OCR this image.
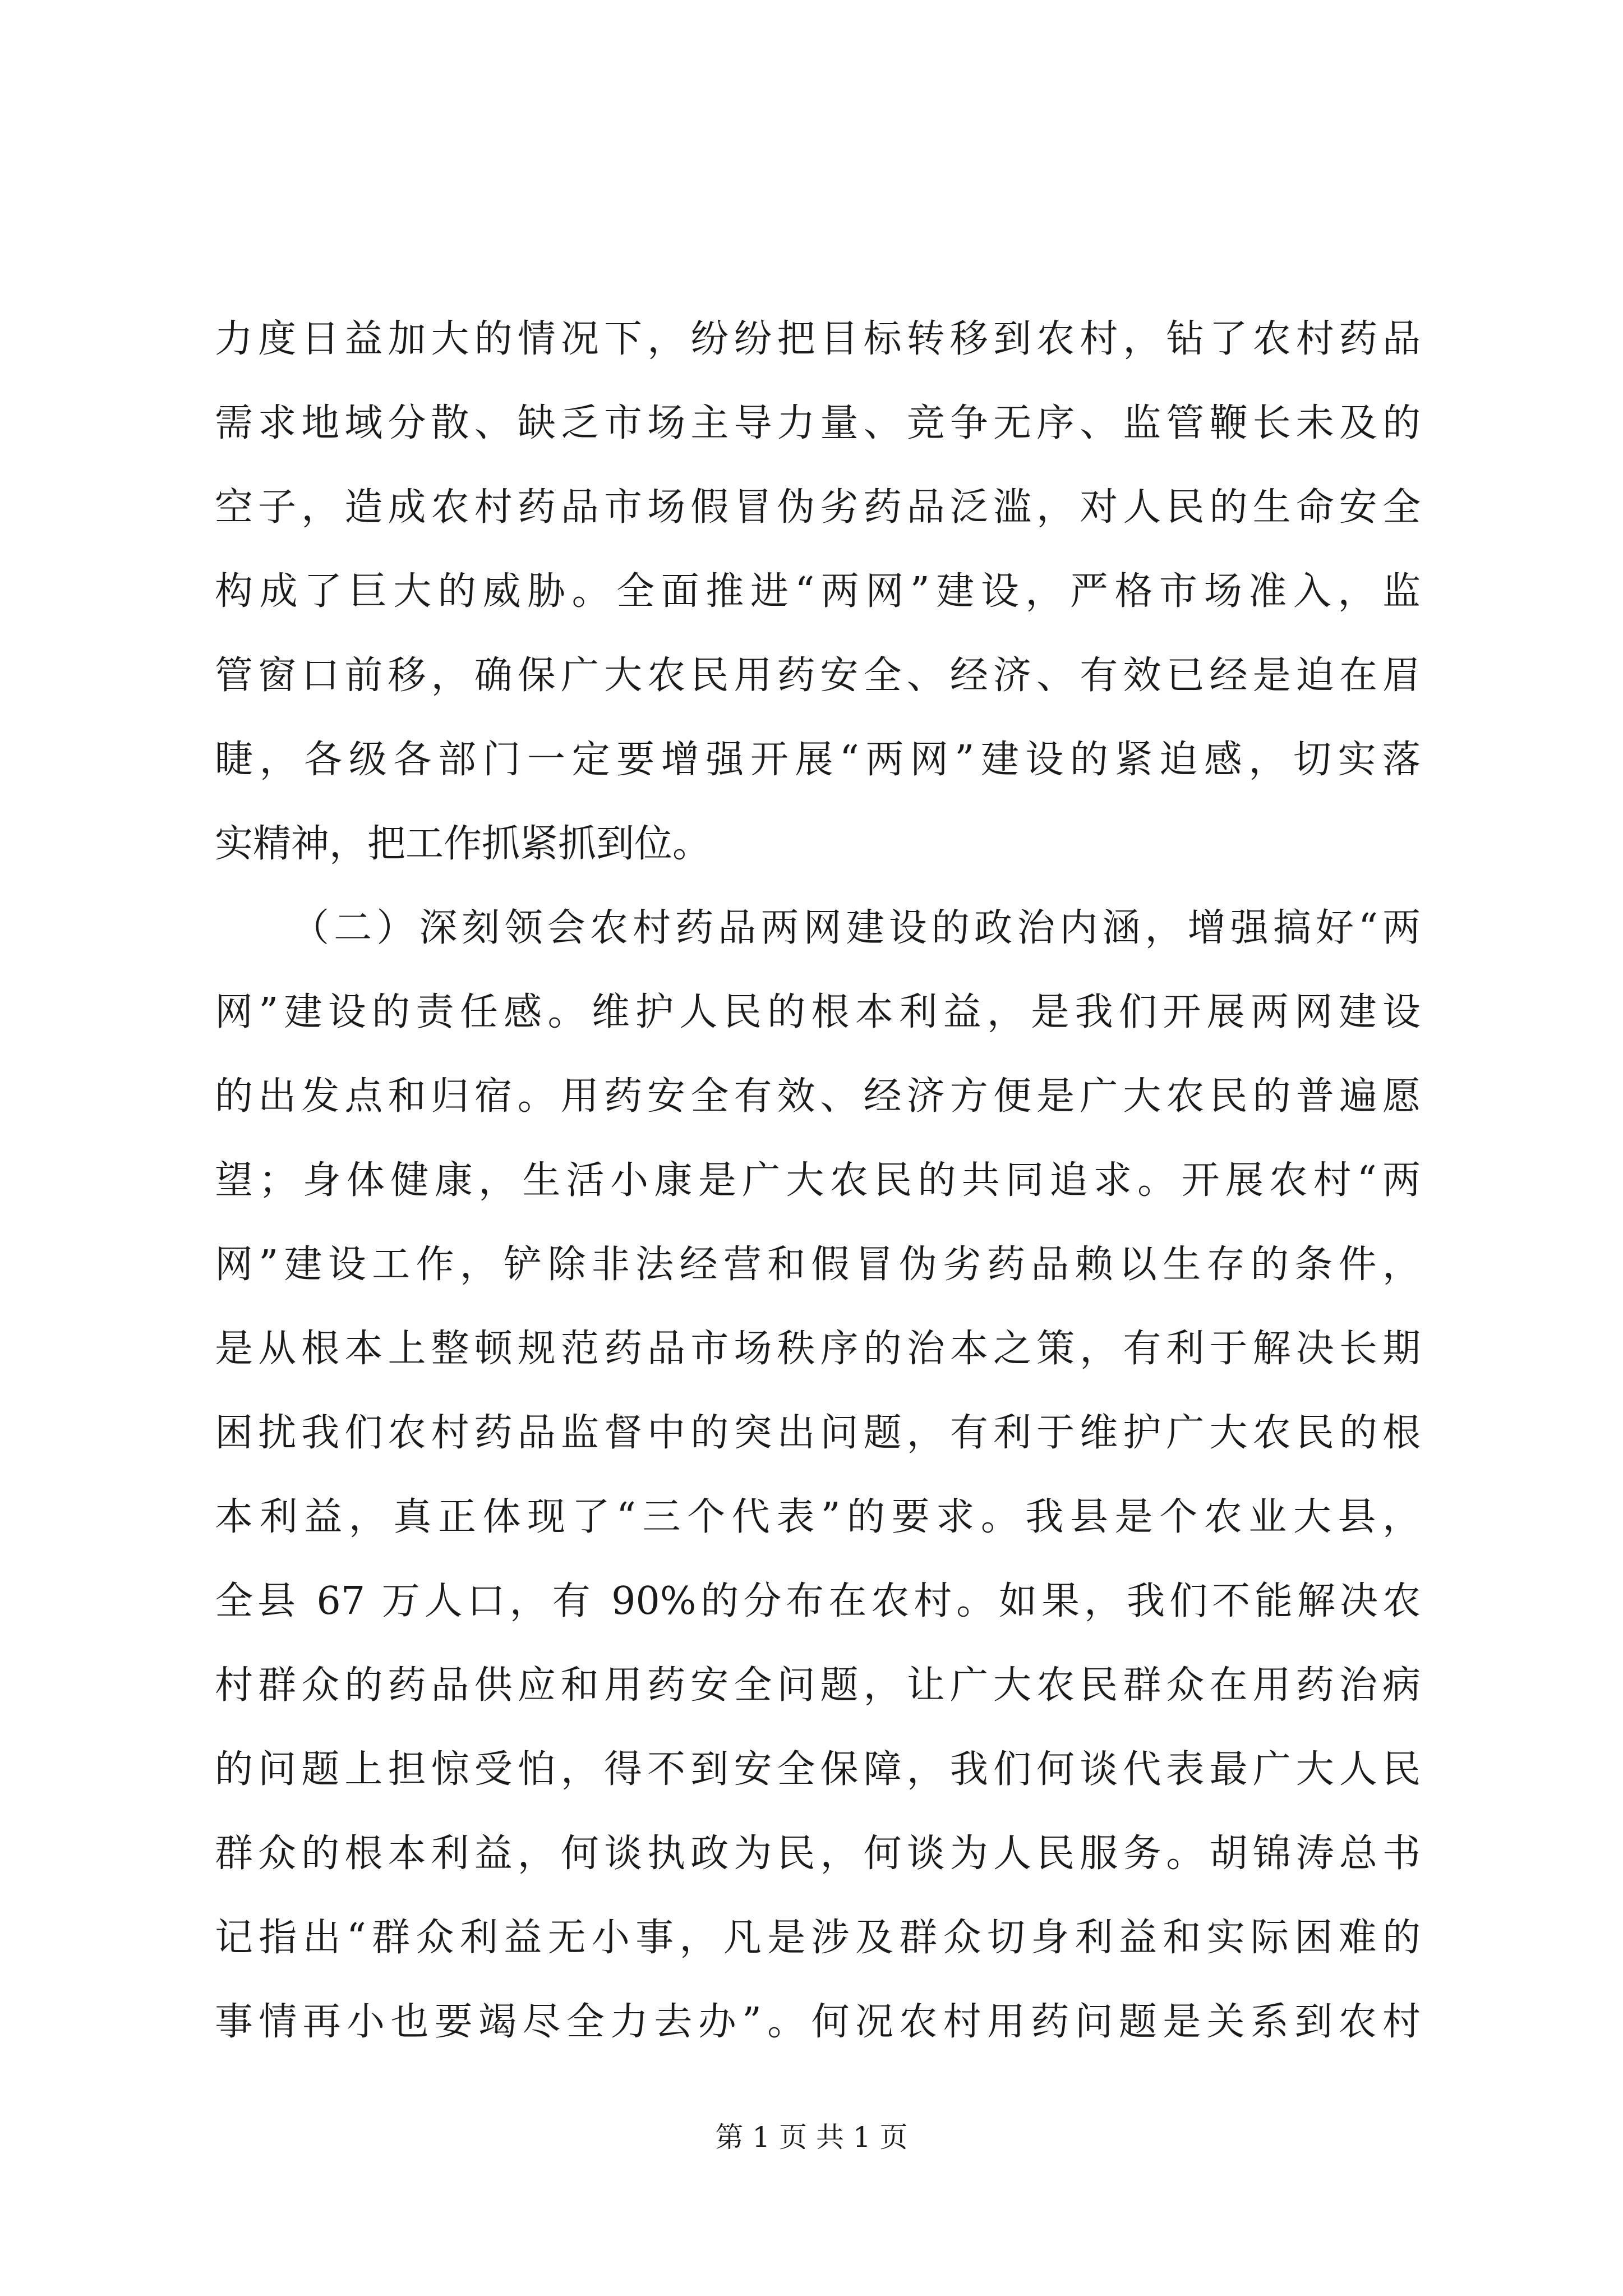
力度日益加大的情况下，纷纷把目标转移到农村，钻了农村药品
需求地域分散、缺乏市场主导力量、竞争无序、监管鞭长未及的
空子，造成农村药品市场假冒伪劣药品泛滥，对人民的生命安全
构成了巨大的威胁。全面推进“两网”建设，严格市场准入，监
管窗口前移，确保广大农民用药安全、经济、有效已经是迫在眉
睫，各级各部门一定要增强开展“两网”建设的紧迫感，切实落
实精神，把工作抓紧抓到位。
（二）深刻领会农村药品两网建设的政治内涵，增强搞好“两
网”建设的责任感。维护人民的根本利益，是我们开展两网建设
的出发点和归宿。用药安全有效、经济方便是广大农民的普遍愿
望；身体健康，生活小康是广大农民的共同追求。开展农村“两
网”建设工作，铲除非法经营和假冒伪劣药品赖以生存的条件，
是从根本上整顿规范药品市场秩序的治本之策，有利于解决长期
困扰我们农村药品监督中的突出问题，有利于维护广大农民的根
本利益，真正体现了“三个代表”的要求。我县是个农业大县，
全县 67 万人口，有 90%的分布在农村。如果，我们不能解决农
村群众的药品供应和用药安全问题，让广大农民群众在用药治病
的问题上担惊受怕，得不到安全保障，我们何谈代表最广大人民
群众的根本利益，何谈执政为民，何谈为人民服务。胡锦涛总书
记指出“群众利益无小事，凡是涉及群众切身利益和实际困难的
事情再小也要竭尽全力去办”。何况农村用药问题是关系到农村
第 1 页 共 1 页
